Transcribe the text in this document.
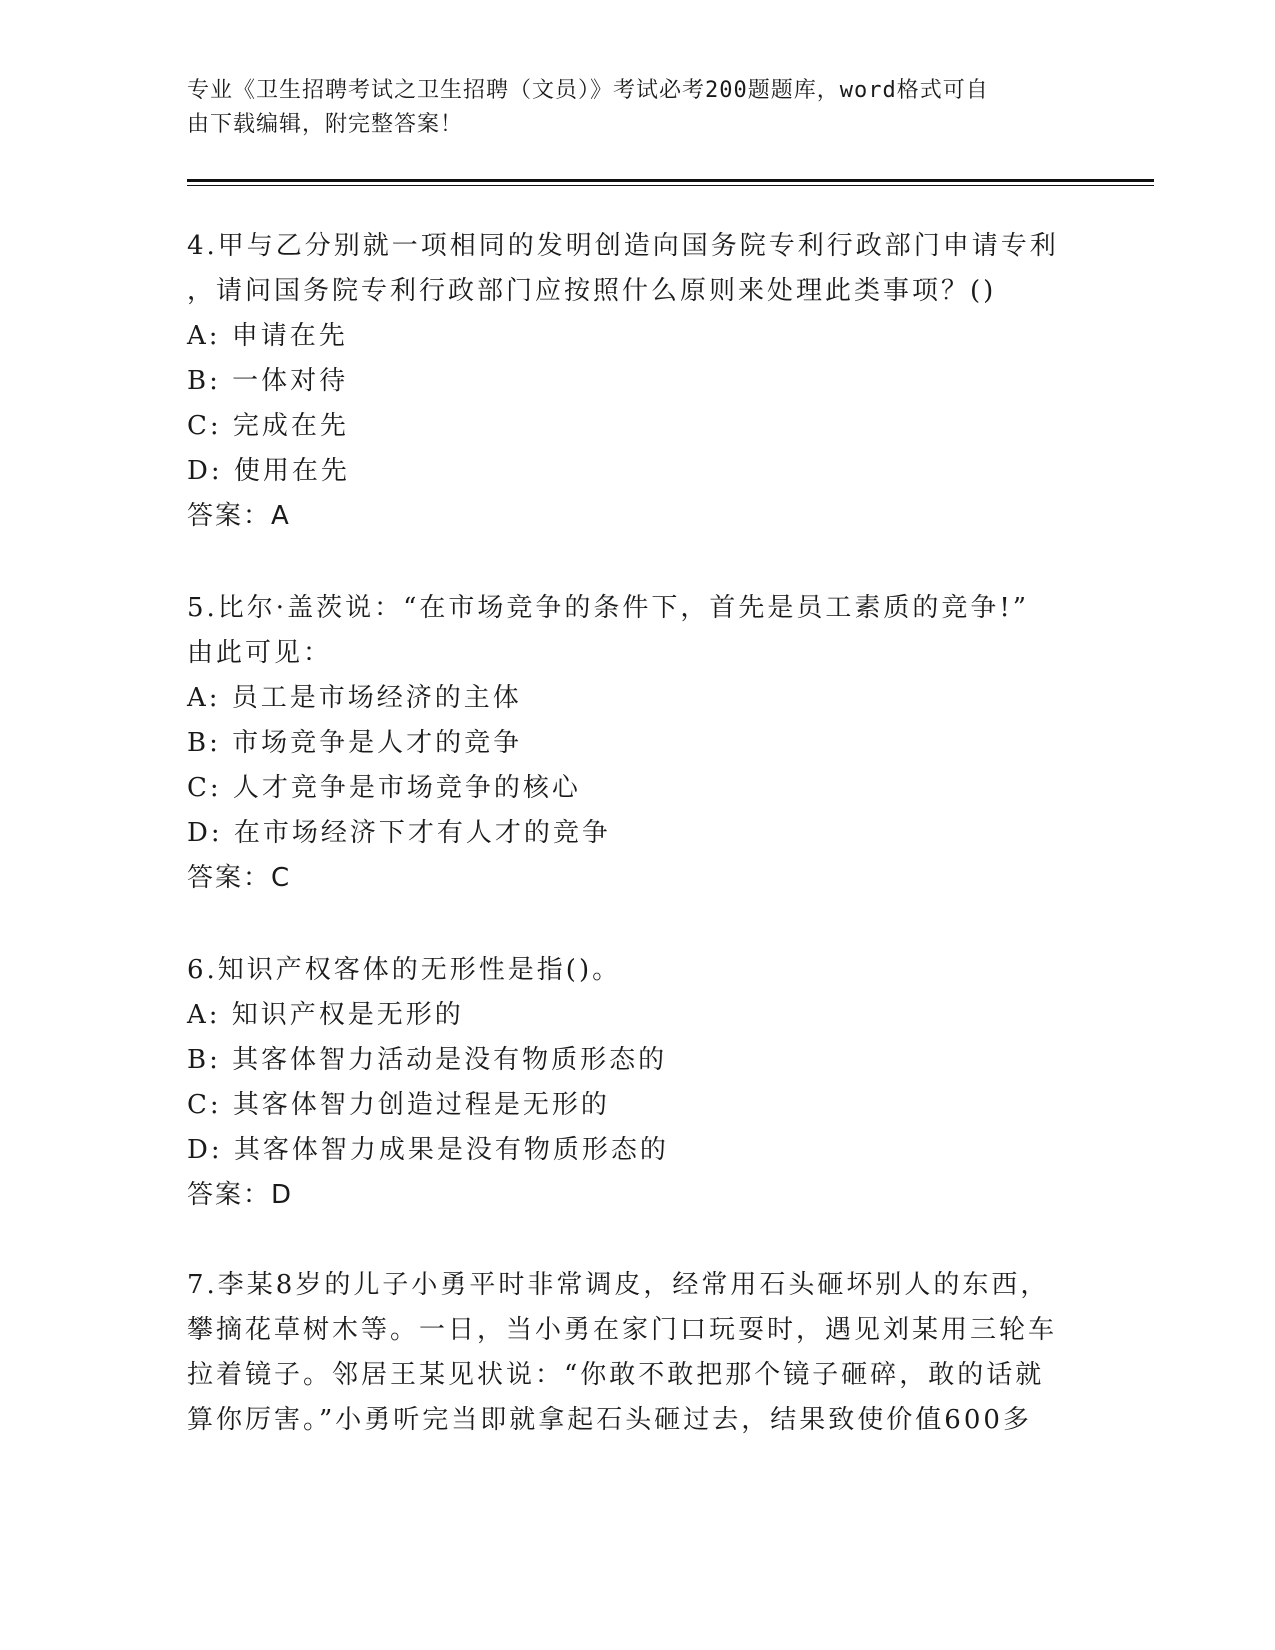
专业《卫生招聘考试之卫生招聘（文员）》考试必考200题题库，word格式可自
由下载编辑，附完整答案！
4.甲与乙分别就一项相同的发明创造向国务院专利行政部门申请专利
，请问国务院专利行政部门应按照什么原则来处理此类事项？()
A: 申请在先
B: 一体对待
C: 完成在先
D: 使用在先
答案：A
5.比尔·盖茨说：“在市场竞争的条件下，首先是员工素质的竞争!”
由此可见：
A: 员工是市场经济的主体
B: 市场竞争是人才的竞争
C: 人才竞争是市场竞争的核心
D: 在市场经济下才有人才的竞争
答案：C
6.知识产权客体的无形性是指()。
A: 知识产权是无形的
B: 其客体智力活动是没有物质形态的
C: 其客体智力创造过程是无形的
D: 其客体智力成果是没有物质形态的
答案：D
7.李某8岁的儿子小勇平时非常调皮，经常用石头砸坏别人的东西，
攀摘花草树木等。一日，当小勇在家门口玩耍时，遇见刘某用三轮车
拉着镜子。邻居王某见状说：“你敢不敢把那个镜子砸碎，敢的话就
算你厉害。”小勇听完当即就拿起石头砸过去，结果致使价值600多
